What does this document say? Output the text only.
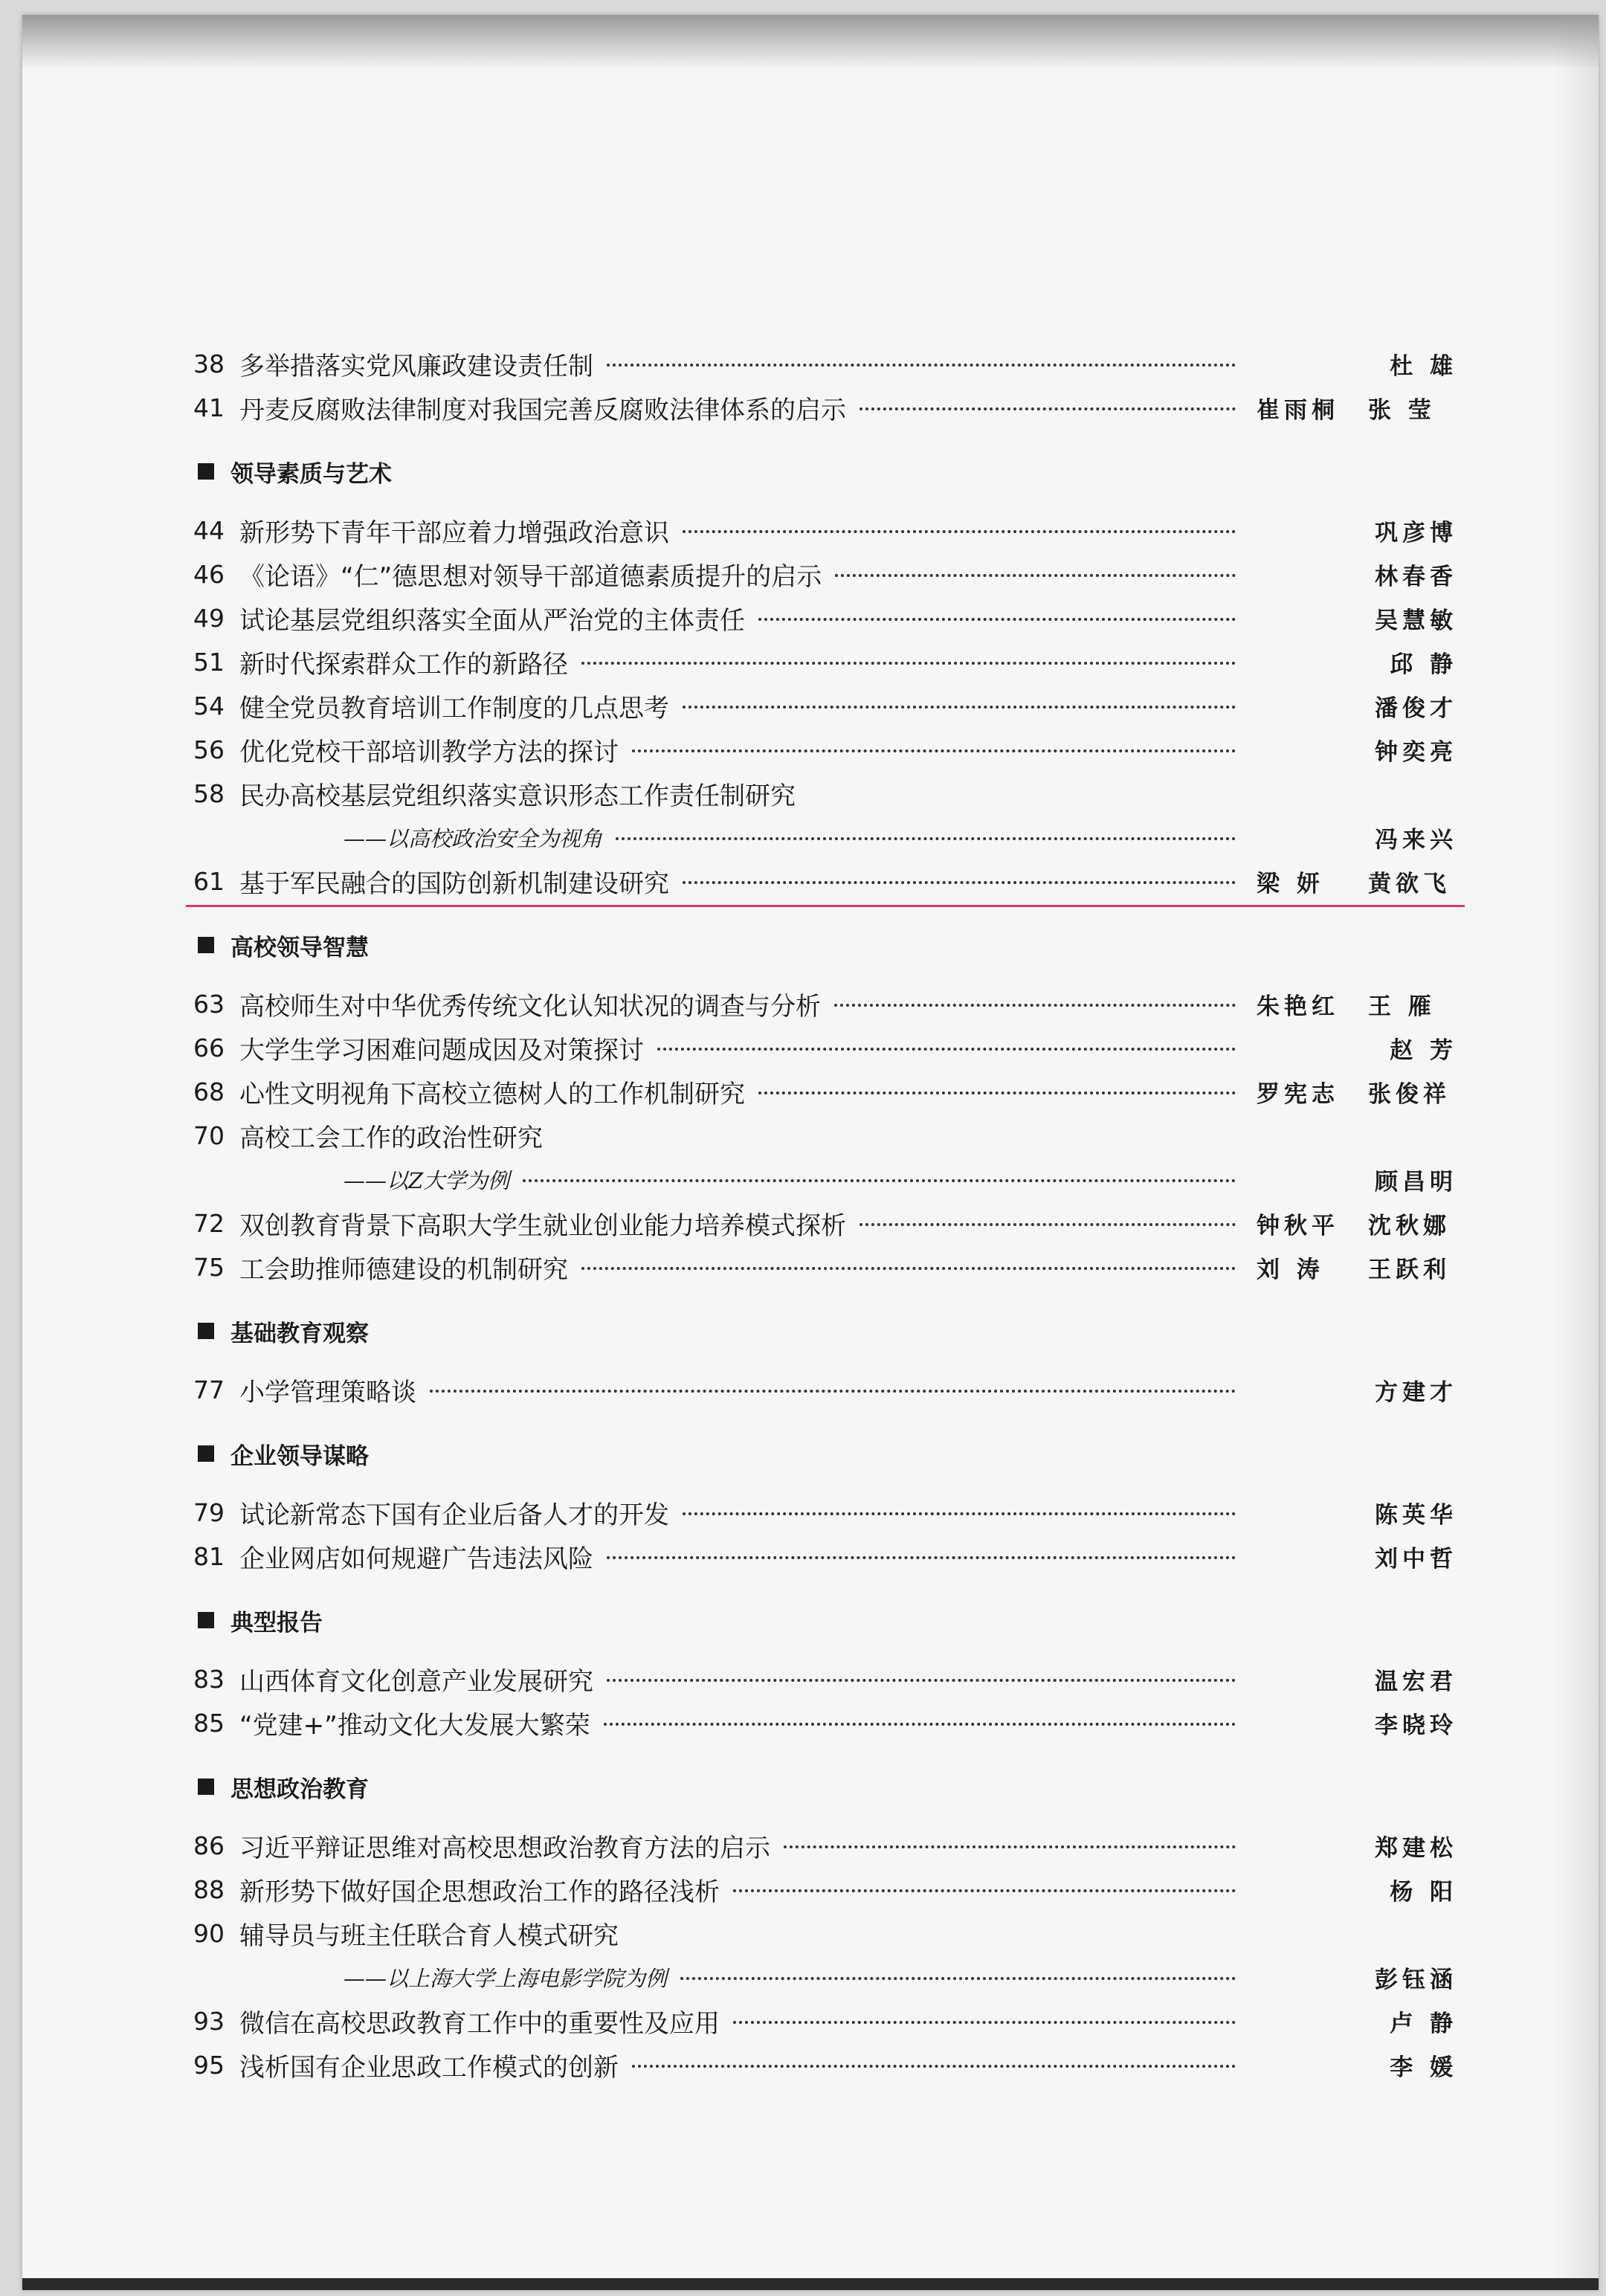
38 多举措落实党风廉政建设责任制	杜 雄
41 丹麦反腐败法律制度对我国完善反腐败法律体系的启示	崔雨桐	张 莹
领导素质与艺术
44 新形势下青年干部应着力增强政治意识	巩彦博
46 《论语》“仁”德思想对领导干部道德素质提升的启示	林春香
49 试论基层党组织落实全面从严治党的主体责任	吴慧敏
51 新时代探索群众工作的新路径	邱 静
54 健全党员教育培训工作制度的几点思考	潘俊才
56 优化党校干部培训教学方法的探讨	钟奕亮
58 民办高校基层党组织落实意识形态工作责任制研究
——以高校政治安全为视角	冯来兴
61 基于军民融合的国防创新机制建设研究	梁 妍	黄欲飞
高校领导智慧
63 高校师生对中华优秀传统文化认知状况的调查与分析	朱艳红	王 雁
66 大学生学习困难问题成因及对策探讨	赵 芳
68 心性文明视角下高校立德树人的工作机制研究	罗宪志	张俊祥
70 高校工会工作的政治性研究
——以Z大学为例	顾昌明
72 双创教育背景下高职大学生就业创业能力培养模式探析	钟秋平	沈秋娜
75 工会助推师德建设的机制研究	刘 涛	王跃利
基础教育观察
77 小学管理策略谈	方建才
企业领导谋略
79 试论新常态下国有企业后备人才的开发	陈英华
81 企业网店如何规避广告违法风险	刘中哲
典型报告
83 山西体育文化创意产业发展研究	温宏君
85 “党建+”推动文化大发展大繁荣	李晓玲
思想政治教育
86 习近平辩证思维对高校思想政治教育方法的启示	郑建松
88 新形势下做好国企思想政治工作的路径浅析	杨 阳
90 辅导员与班主任联合育人模式研究
——以上海大学上海电影学院为例	彭钰涵
93 微信在高校思政教育工作中的重要性及应用	卢 静
95 浅析国有企业思政工作模式的创新	李 媛
